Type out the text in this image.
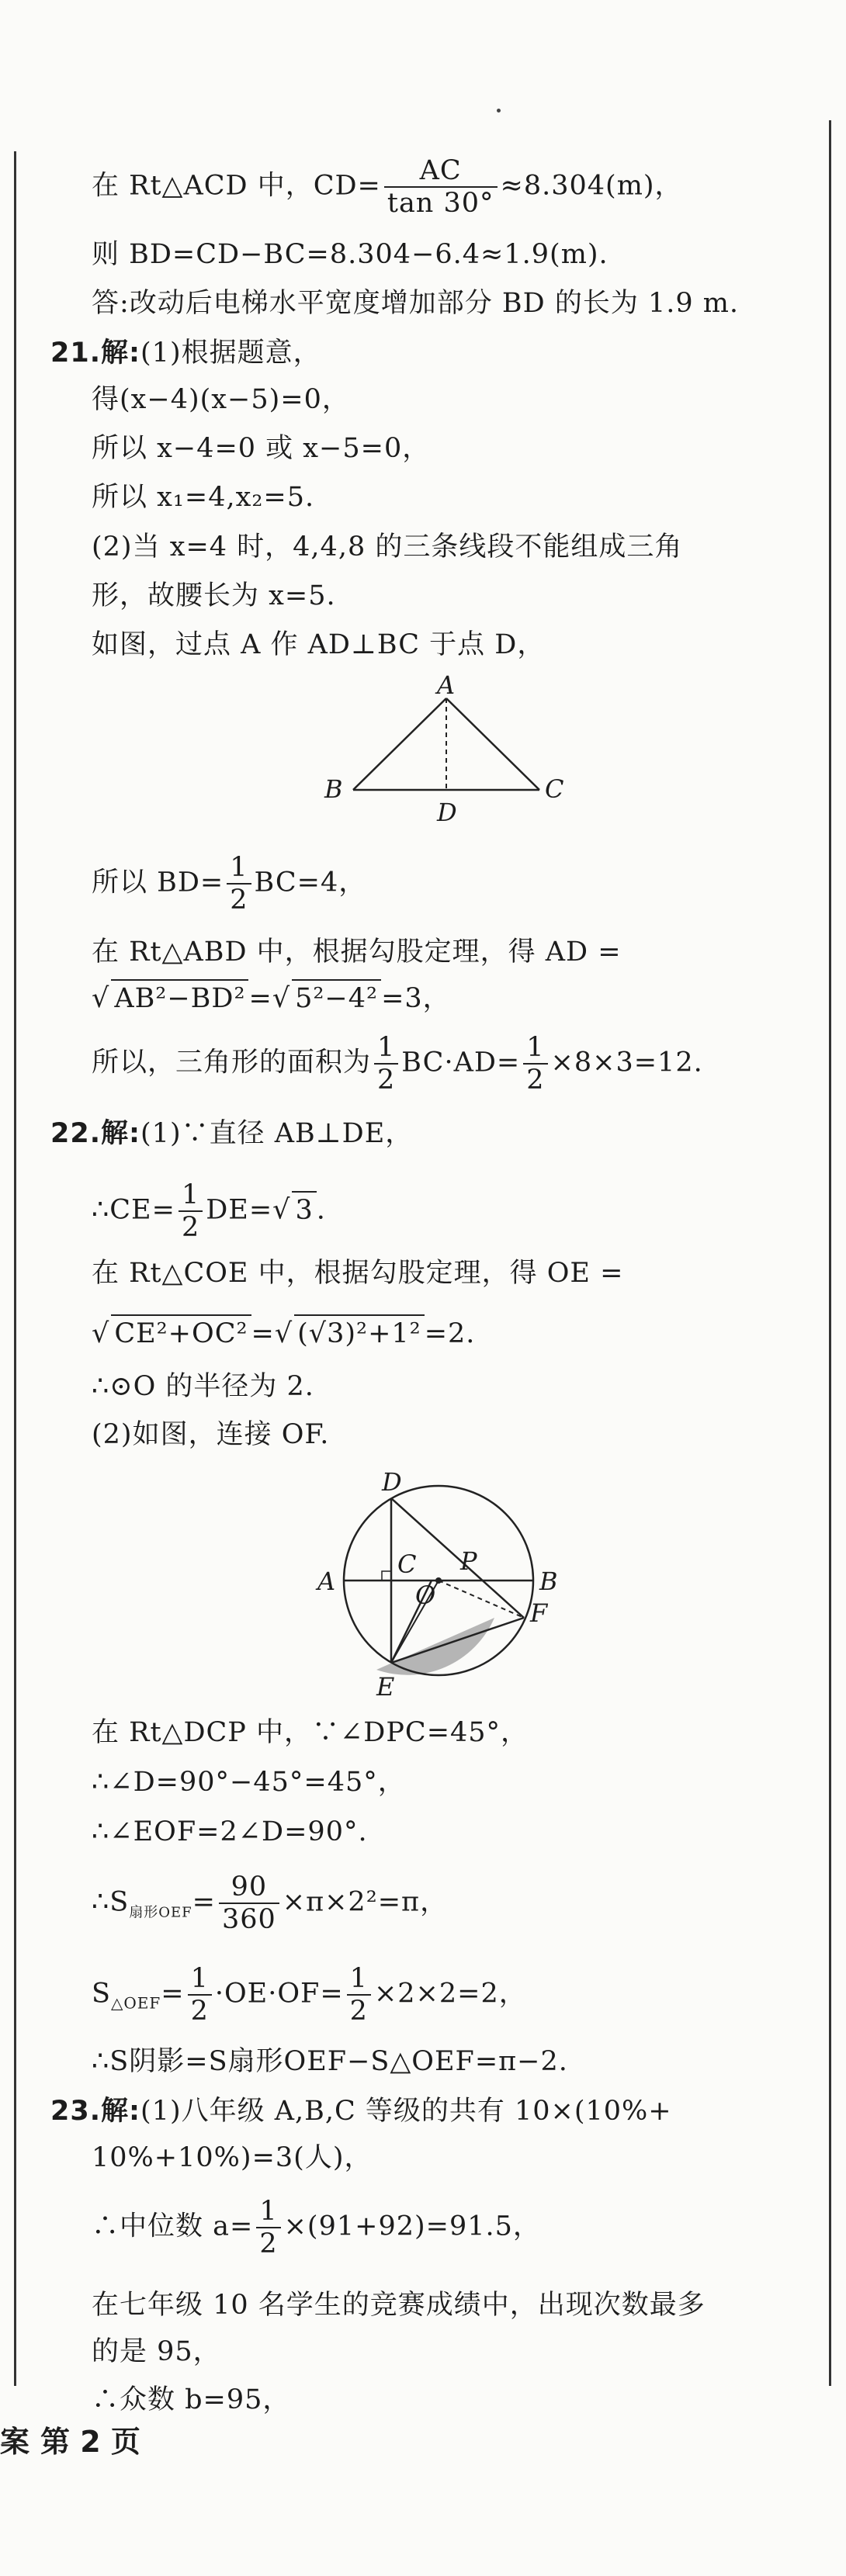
在 Rt△ACD 中，$CD= \frac{AC}{\tan 30^\circ} \approx 8.304(m)$，
则 BD=CD−BC=8.304−6.4≈1.9(m).
答:改动后电梯水平宽度增加部分 BD 的长为 1.9 m.
21.解:(1)根据题意，
得(x−4)(x−5)=0，
所以 x−4=0 或 x−5=0，
所以 x₁=4,x₂=5.
(2)当 x=4 时，4,4,8 的三条线段不能组成三角
形，故腰长为 x=5.
如图，过点 A 作 AD⊥BC 于点 D，
A
B	C
D
所以 $BD= \frac{1}{2} BC=4$，
在 Rt△ABD 中，根据勾股定理，得 AD =
√ AB²−BD² =√ 5²−4² =3，
所以，三角形的面积为 $\frac{1}{2} BC\cdot AD= \frac{1}{2} \times 8\times 3=12$.
22.解:(1)∵直径 AB⊥DE，
∴CE= $\frac{1}{2} DE=√$ 3 .
在 Rt△COE 中，根据勾股定理，得 OE =
√ CE²+OC² =√ (√3)²+1² =2.
∴⊙O 的半径为 2.
(2)如图，连接 OF.
D
A
C P
B
O
F
E
在 Rt△DCP 中，∵∠DPC=45°，
∴∠D=90°−45°=45°，
∴∠EOF=2∠D=90°.
$\therefore S_{扇形OEF}= \frac{90}{360} \times\pi\times 2^2=\pi$，
$S_{\triangle OEF}= \frac{1}{2} \cdot OE\cdot OF= \frac{1}{2} \times 2\times 2=2$，
∴S阴影=S扇形OEF−S△OEF=π−2.
23.解:(1)八年级 A,B,C 等级的共有 10×(10%+
10%+10%)=3(人)，
∴中位数 $a= \frac{1}{2} \times(91+92)=91.5$，
在七年级 10 名学生的竞赛成绩中，出现次数最多
的是 95，
∴众数 b=95，
案 第 2 页
